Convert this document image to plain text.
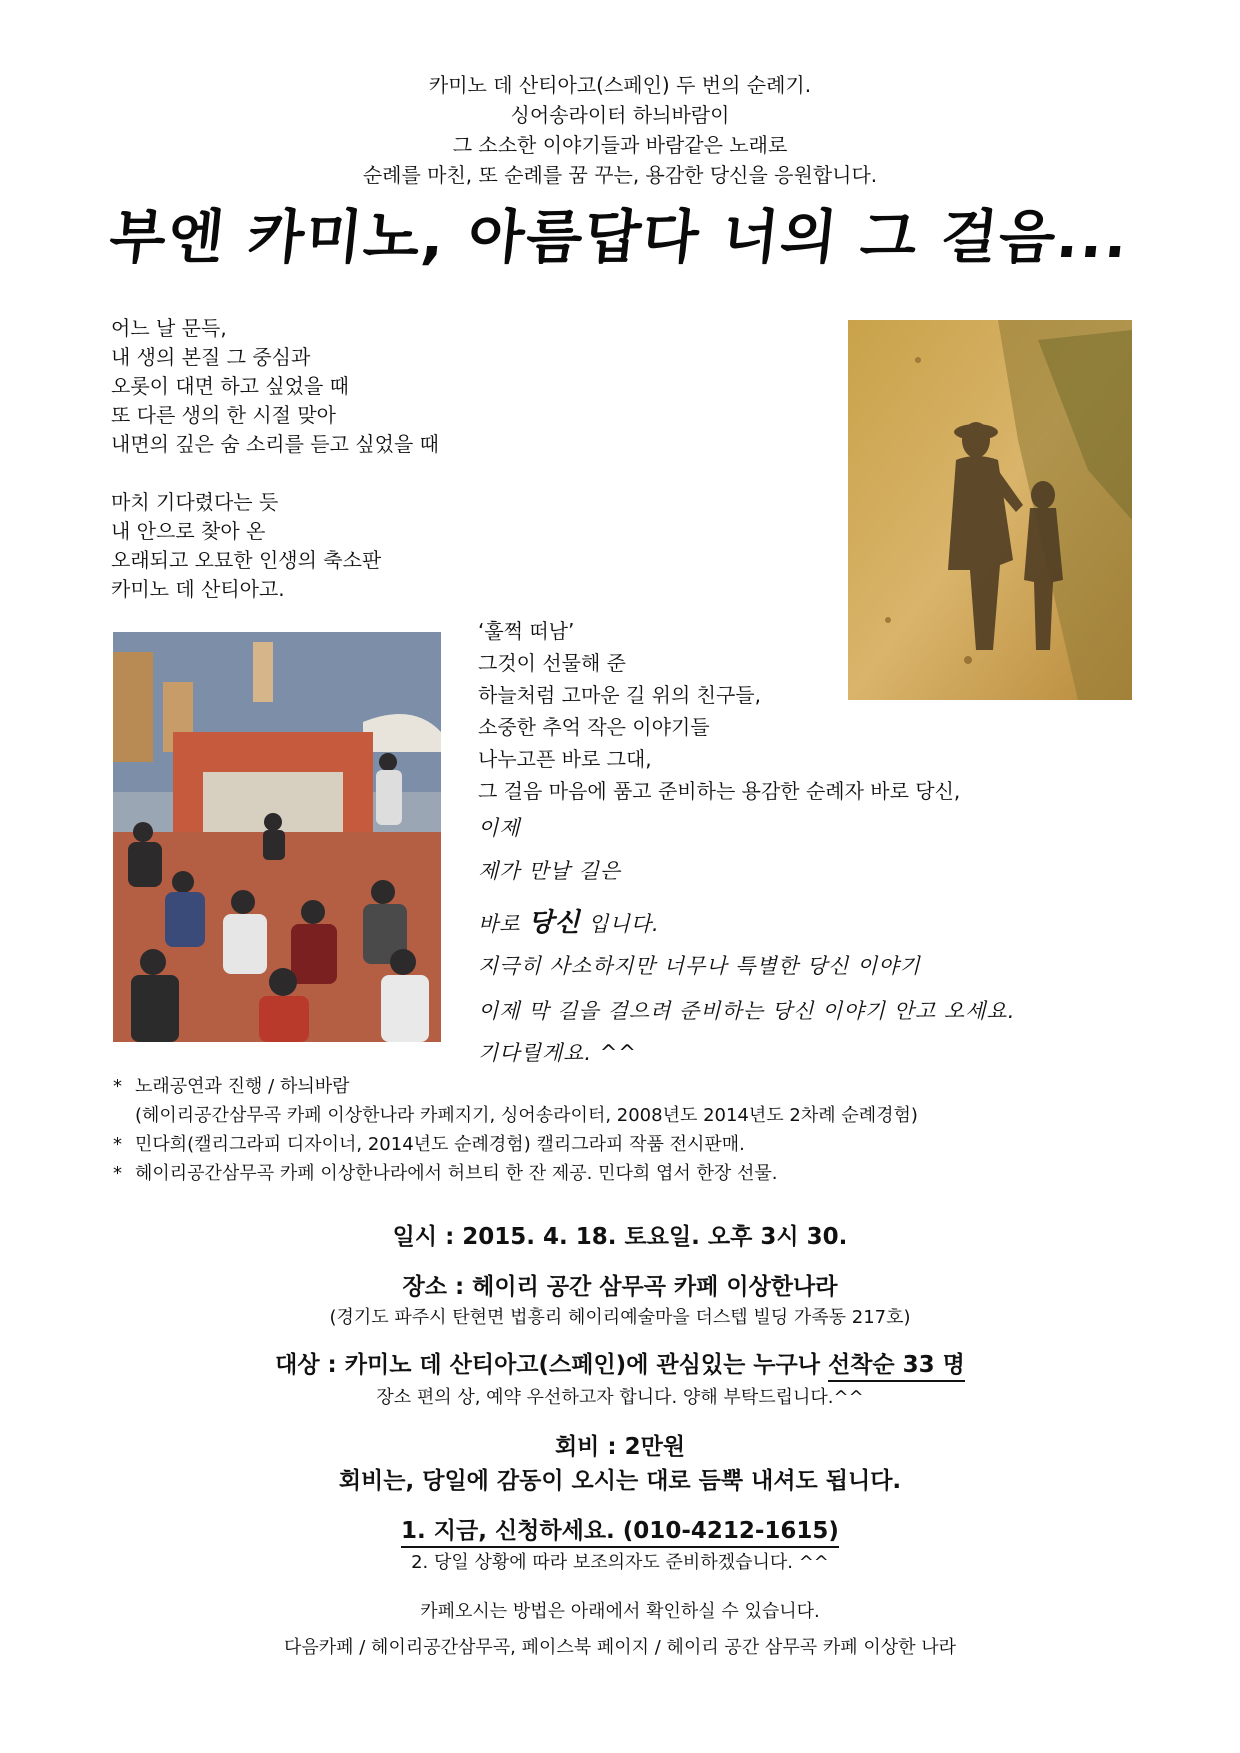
카미노 데 산티아고(스페인) 두 번의 순례기.
싱어송라이터 하늬바람이
그 소소한 이야기들과 바람같은 노래로
순례를 마친, 또 순례를 꿈 꾸는, 용감한 당신을 응원합니다.
부엔 카미노, 아름답다 너의 그 걸음...
어느 날 문득,
내 생의 본질 그 중심과
오롯이 대면 하고 싶었을 때
또 다른 생의 한 시절 맞아
내면의 깊은 숨 소리를 듣고 싶었을 때
마치 기다렸다는 듯
내 안으로 찾아 온
오래되고 오묘한 인생의 축소판
카미노 데 산티아고.
‘훌쩍 떠남’
그것이 선물해 준
하늘처럼 고마운 길 위의 친구들,
소중한 추억 작은 이야기들
나누고픈 바로 그대,
그 걸음 마음에 품고 준비하는 용감한 순례자 바로 당신,
이제
제가 만날 길은
바로 당신 입니다.
지극히 사소하지만 너무나 특별한 당신 이야기
이제 막 길을 걸으려 준비하는 당신 이야기 안고 오세요.
기다릴게요. ^^
* 노래공연과 진행 / 하늬바람
(헤이리공간삼무곡 카페 이상한나라 카페지기, 싱어송라이터, 2008년도 2014년도 2차례 순례경험)
* 민다희(캘리그라피 디자이너, 2014년도 순례경험) 캘리그라피 작품 전시판매.
* 헤이리공간삼무곡 카페 이상한나라에서 허브티 한 잔 제공. 민다희 엽서 한장 선물.
일시 : 2015. 4. 18. 토요일. 오후 3시 30.
장소 : 헤이리 공간 삼무곡 카페 이상한나라
(경기도 파주시 탄현면 법흥리 헤이리예술마을 더스텝 빌딩 가족동 217호)
대상 : 카미노 데 산티아고(스페인)에 관심있는 누구나 선착순 33 명
장소 편의 상, 예약 우선하고자 합니다. 양해 부탁드립니다.^^
회비 : 2만원
회비는, 당일에 감동이 오시는 대로 듬뿍 내셔도 됩니다.
1. 지금, 신청하세요. (010-4212-1615)
2. 당일 상황에 따라 보조의자도 준비하겠습니다. ^^
카페오시는 방법은 아래에서 확인하실 수 있습니다.
다음카페 / 헤이리공간삼무곡, 페이스북 페이지 / 헤이리 공간 삼무곡 카페 이상한 나라
